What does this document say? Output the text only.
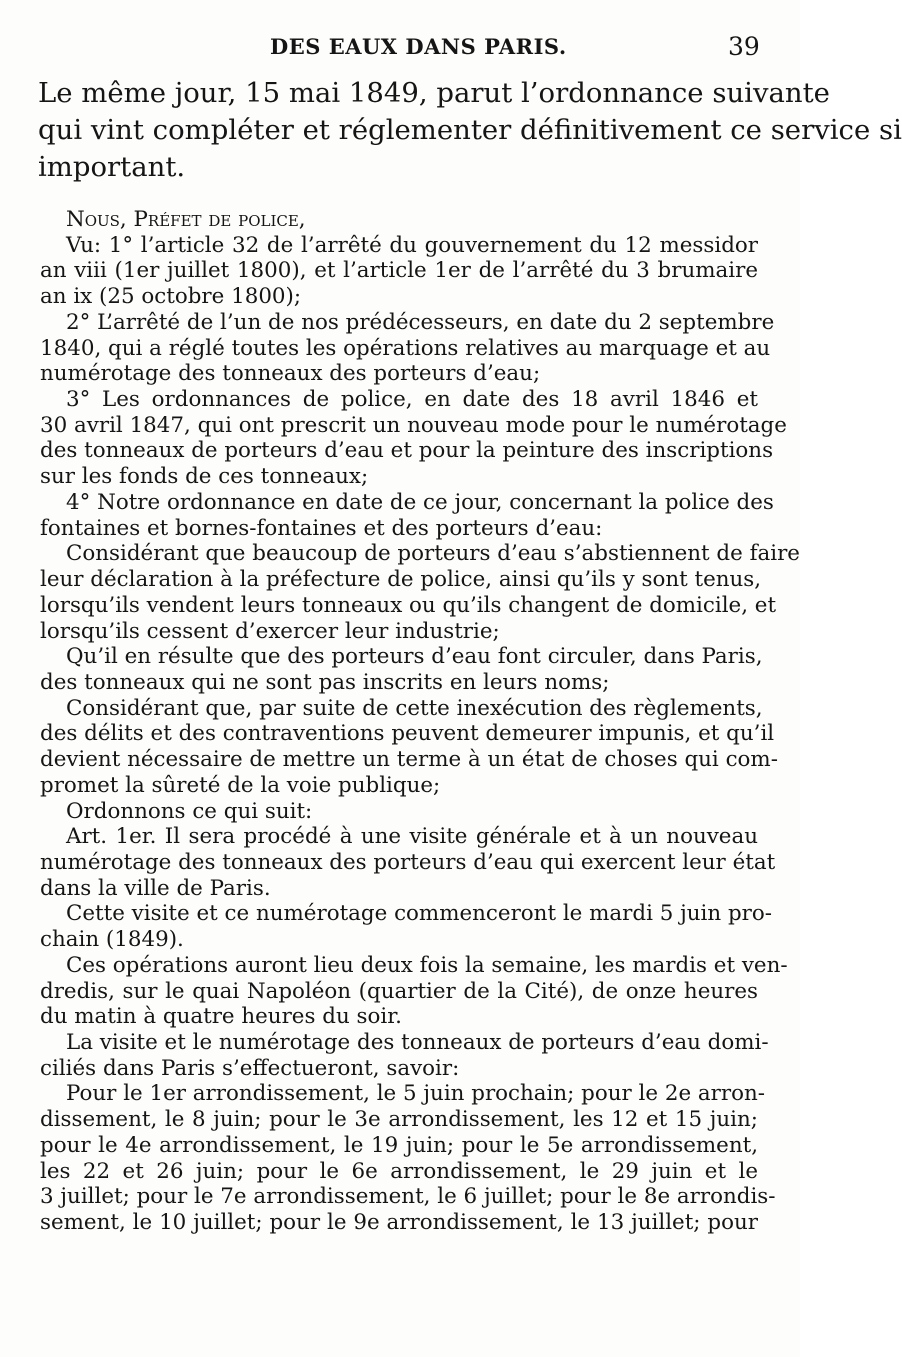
DES EAUX DANS PARIS.	39
Le même jour, 15 mai 1849, parut l’ordonnance suivante
qui vint compléter et réglementer définitivement ce service si
important.
Nous, Préfet de police,
Vu: 1° l’article 32 de l’arrêté du gouvernement du 12 messidor
an viii (1er juillet 1800), et l’article 1er de l’arrêté du 3 brumaire
an ix (25 octobre 1800);
2° L’arrêté de l’un de nos prédécesseurs, en date du 2 septembre
1840, qui a réglé toutes les opérations relatives au marquage et au
numérotage des tonneaux des porteurs d’eau;
3° Les ordonnances de police, en date des 18 avril 1846 et
30 avril 1847, qui ont prescrit un nouveau mode pour le numérotage
des tonneaux de porteurs d’eau et pour la peinture des inscriptions
sur les fonds de ces tonneaux;
4° Notre ordonnance en date de ce jour, concernant la police des
fontaines et bornes-fontaines et des porteurs d’eau:
Considérant que beaucoup de porteurs d’eau s’abstiennent de faire
leur déclaration à la préfecture de police, ainsi qu’ils y sont tenus,
lorsqu’ils vendent leurs tonneaux ou qu’ils changent de domicile, et
lorsqu’ils cessent d’exercer leur industrie;
Qu’il en résulte que des porteurs d’eau font circuler, dans Paris,
des tonneaux qui ne sont pas inscrits en leurs noms;
Considérant que, par suite de cette inexécution des règlements,
des délits et des contraventions peuvent demeurer impunis, et qu’il
devient nécessaire de mettre un terme à un état de choses qui com-
promet la sûreté de la voie publique;
Ordonnons ce qui suit:
Art. 1er. Il sera procédé à une visite générale et à un nouveau
numérotage des tonneaux des porteurs d’eau qui exercent leur état
dans la ville de Paris.
Cette visite et ce numérotage commenceront le mardi 5 juin pro-
chain (1849).
Ces opérations auront lieu deux fois la semaine, les mardis et ven-
dredis, sur le quai Napoléon (quartier de la Cité), de onze heures
du matin à quatre heures du soir.
La visite et le numérotage des tonneaux de porteurs d’eau domi-
ciliés dans Paris s’effectueront, savoir:
Pour le 1er arrondissement, le 5 juin prochain; pour le 2e arron-
dissement, le 8 juin; pour le 3e arrondissement, les 12 et 15 juin;
pour le 4e arrondissement, le 19 juin; pour le 5e arrondissement,
les 22 et 26 juin; pour le 6e arrondissement, le 29 juin et le
3 juillet; pour le 7e arrondissement, le 6 juillet; pour le 8e arrondis-
sement, le 10 juillet; pour le 9e arrondissement, le 13 juillet; pour
